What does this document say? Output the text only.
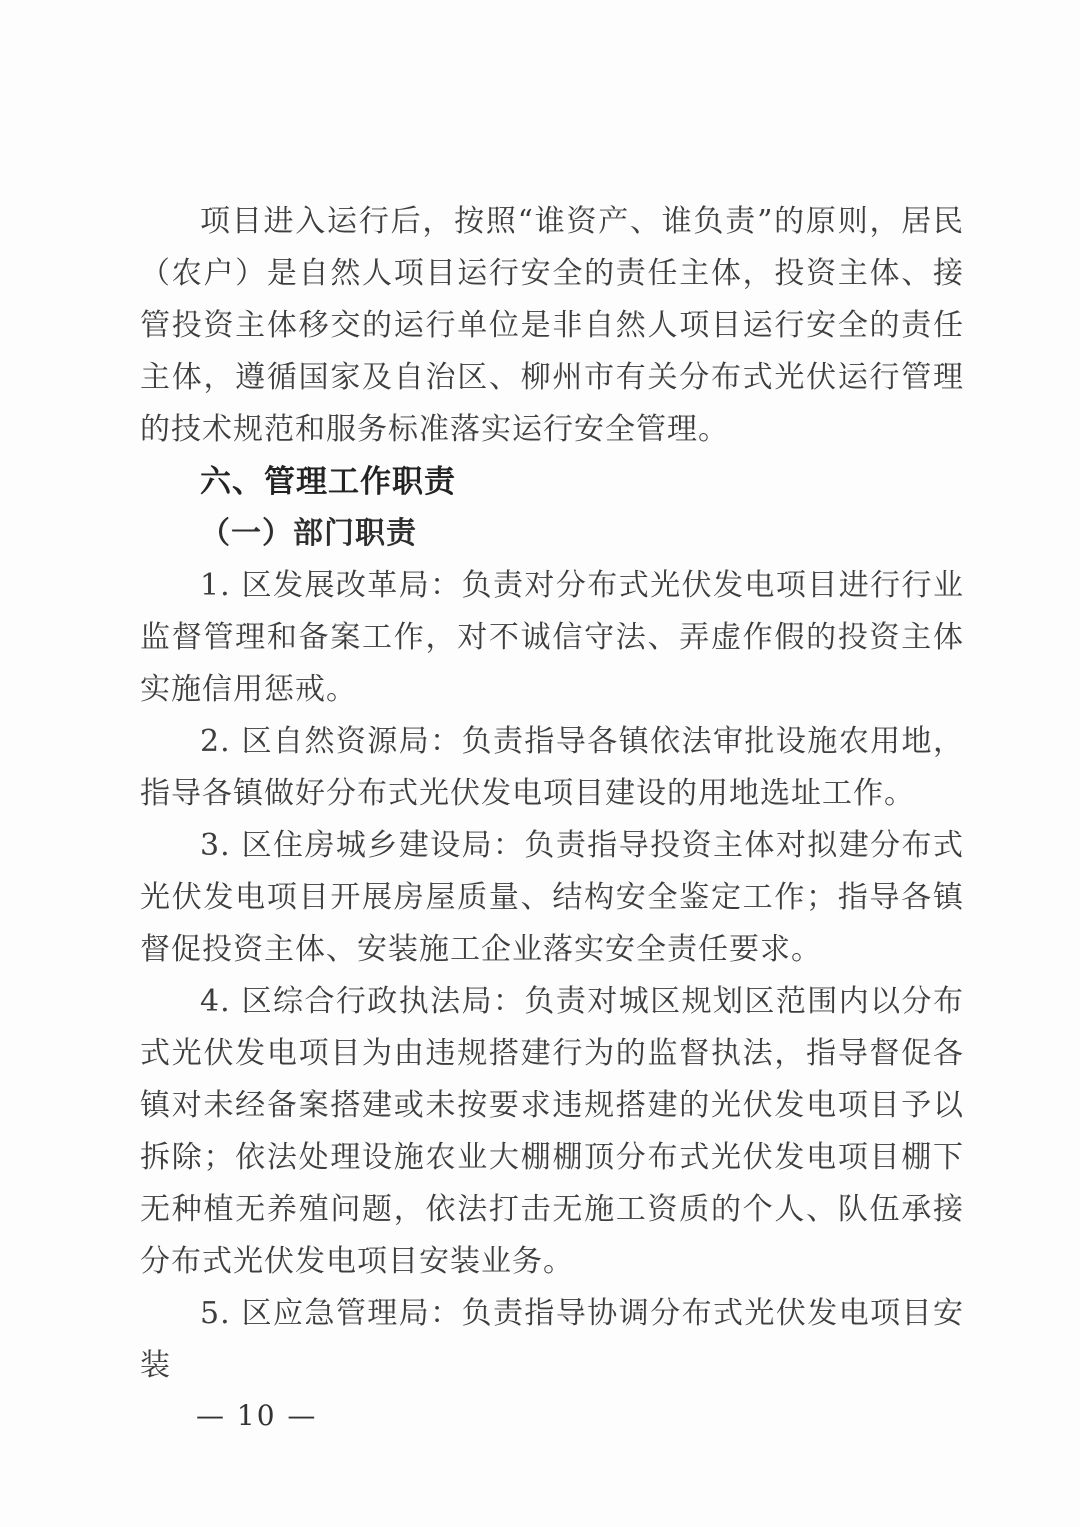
项目进入运行后，按照“谁资产、谁负责”的原则，居民（农户）是自然人项目运行安全的责任主体，投资主体、接管投资主体移交的运行单位是非自然人项目运行安全的责任主体，遵循国家及自治区、柳州市有关分布式光伏运行管理的技术规范和服务标准落实运行安全管理。

六、管理工作职责

（一）部门职责

1. 区发展改革局：负责对分布式光伏发电项目进行行业监督管理和备案工作，对不诚信守法、弄虚作假的投资主体实施信用惩戒。

2. 区自然资源局：负责指导各镇依法审批设施农用地，指导各镇做好分布式光伏发电项目建设的用地选址工作。

3. 区住房城乡建设局：负责指导投资主体对拟建分布式光伏发电项目开展房屋质量、结构安全鉴定工作；指导各镇督促投资主体、安装施工企业落实安全责任要求。

4. 区综合行政执法局：负责对城区规划区范围内以分布式光伏发电项目为由违规搭建行为的监督执法，指导督促各镇对未经备案搭建或未按要求违规搭建的光伏发电项目予以拆除；依法处理设施农业大棚棚顶分布式光伏发电项目棚下无种植无养殖问题，依法打击无施工资质的个人、队伍承接分布式光伏发电项目安装业务。

5. 区应急管理局：负责指导协调分布式光伏发电项目安装

— 10 —
